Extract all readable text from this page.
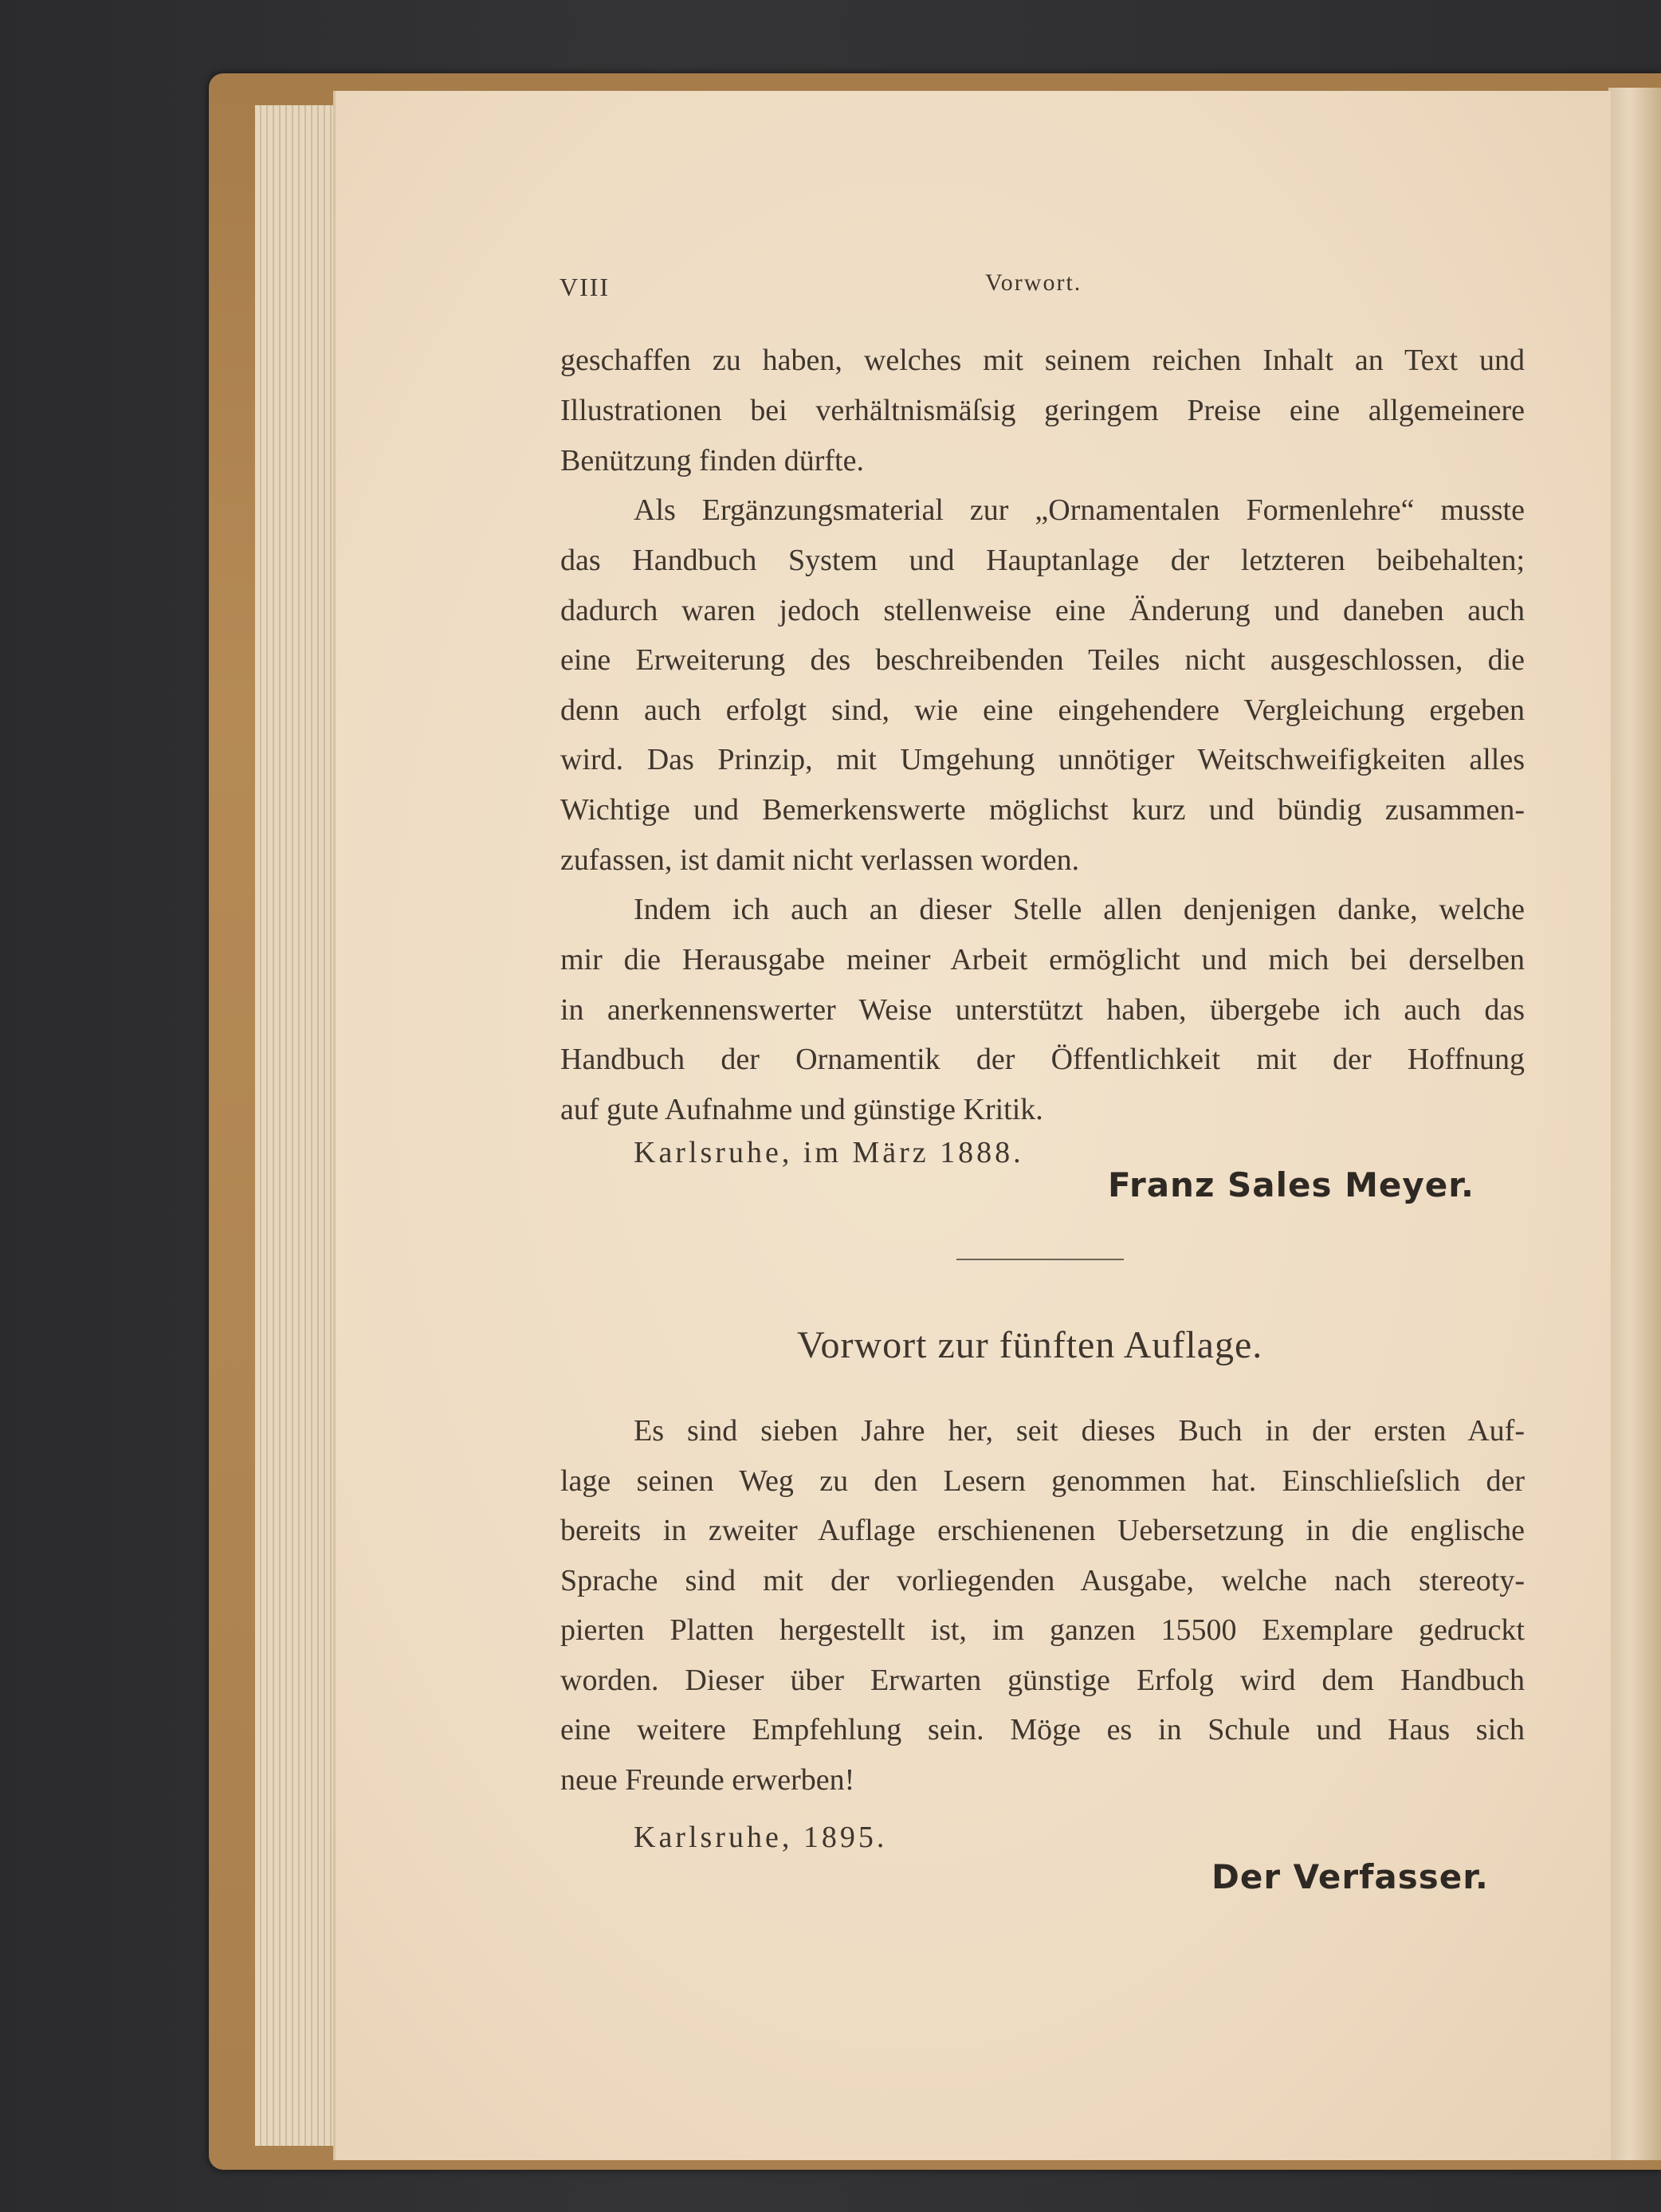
VIII	Vorwort.
geschaffen zu haben, welches mit seinem reichen Inhalt an Text und
Illustrationen bei verhältnismäſsig geringem Preise eine allgemeinere
Benützung finden dürfte.
Als Ergänzungsmaterial zur „Ornamentalen Formenlehre“ musste
das Handbuch System und Hauptanlage der letzteren beibehalten;
dadurch waren jedoch stellenweise eine Änderung und daneben auch
eine Erweiterung des beschreibenden Teiles nicht ausgeschlossen, die
denn auch erfolgt sind, wie eine eingehendere Vergleichung ergeben
wird. Das Prinzip, mit Umgehung unnötiger Weitschweifigkeiten alles
Wichtige und Bemerkenswerte möglichst kurz und bündig zusammen-
zufassen, ist damit nicht verlassen worden.
Indem ich auch an dieser Stelle allen denjenigen danke, welche
mir die Herausgabe meiner Arbeit ermöglicht und mich bei derselben
in anerkennenswerter Weise unterstützt haben, übergebe ich auch das
Handbuch der Ornamentik der Öffentlichkeit mit der Hoffnung
auf gute Aufnahme und günstige Kritik.
Karlsruhe, im März 1888.
Franz Sales Meyer.
Vorwort zur fünften Auflage.
Es sind sieben Jahre her, seit dieses Buch in der ersten Auf-
lage seinen Weg zu den Lesern genommen hat. Einschlieſslich der
bereits in zweiter Auflage erschienenen Uebersetzung in die englische
Sprache sind mit der vorliegenden Ausgabe, welche nach stereoty-
pierten Platten hergestellt ist, im ganzen 15500 Exemplare gedruckt
worden. Dieser über Erwarten günstige Erfolg wird dem Handbuch
eine weitere Empfehlung sein. Möge es in Schule und Haus sich
neue Freunde erwerben!
Karlsruhe, 1895.
Der Verfasser.
